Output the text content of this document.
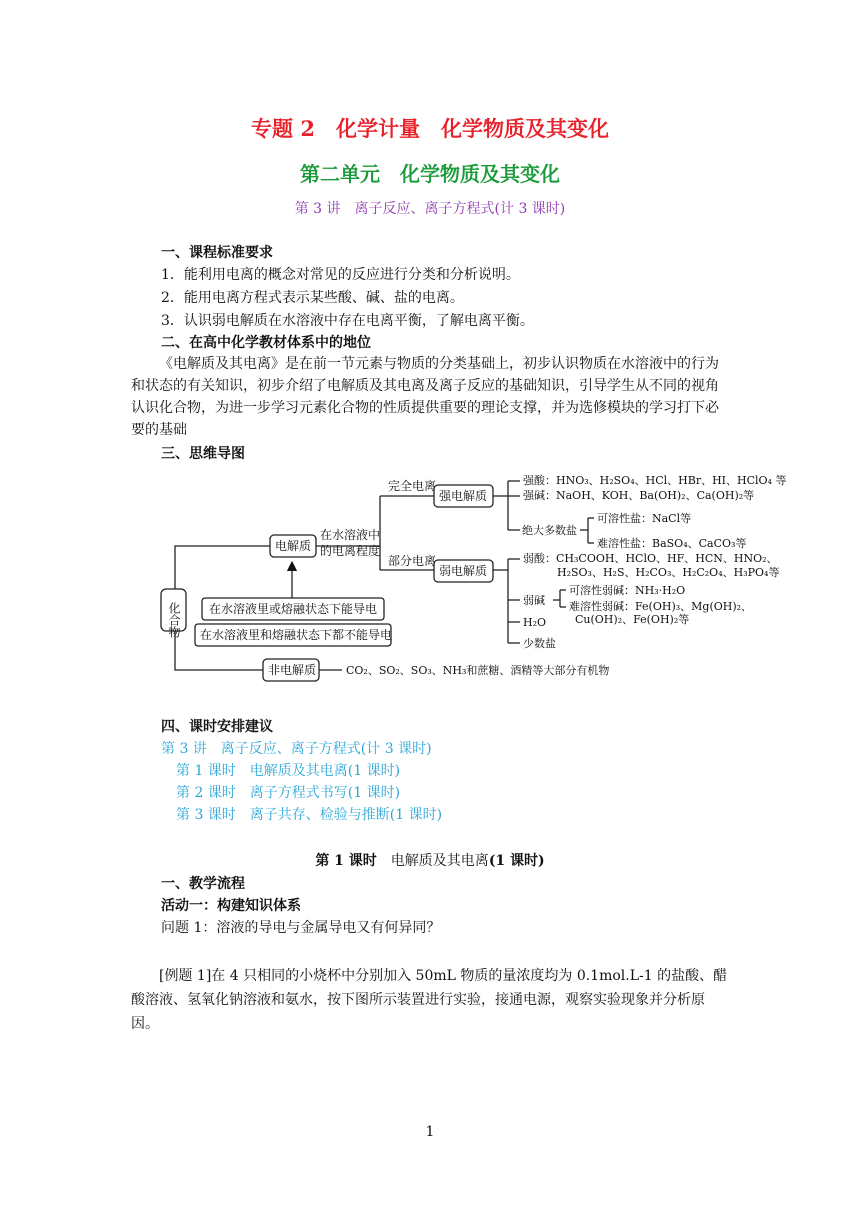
专题 2　化学计量　化学物质及其变化
第二单元　化学物质及其变化
第 3 讲　离子反应、离子方程式(计 3 课时)
一、课程标准要求
1．能利用电离的概念对常见的反应进行分类和分析说明。
2．能用电离方程式表示某些酸、碱、盐的电离。
3．认识弱电解质在水溶液中存在电离平衡，了解电离平衡。
二、在高中化学教材体系中的地位
《电解质及其电离》是在前一节元素与物质的分类基础上，初步认识物质在水溶液中的行为和状态的有关知识，初步介绍了电解质及其电离及离子反应的基础知识，引导学生从不同的视角认识化合物，为进一步学习元素化合物的性质提供重要的理论支撑，并为选修模块的学习打下必要的基础
三、思维导图
化合物
电解质
在水溶液里或熔融状态下能导电
在水溶液里和熔融状态下都不能导电
非电解质	CO₂、SO₂、SO₃、NH₃和蔗糖、酒精等大部分有机物
在水溶液中
的电离程度
完全电离
部分电离
强电解质
弱电解质
强酸：HNO₃、H₂SO₄、HCl、HBr、HI、HClO₄ 等
强碱：NaOH、KOH、Ba(OH)₂、Ca(OH)₂等
绝大多数盐
可溶性盐：NaCl等
难溶性盐：BaSO₄、CaCO₃等
弱酸：CH₃COOH、HClO、HF、HCN、HNO₂、
H₂SO₃、H₂S、H₂CO₃、H₂C₂O₄、H₃PO₄等
弱碱
可溶性弱碱：NH₃·H₂O
难溶性弱碱：Fe(OH)₃、Mg(OH)₂、
Cu(OH)₂、Fe(OH)₂等
H₂O
少数盐
四、课时安排建议
第 3 讲　离子反应、离子方程式(计 3 课时)
第 1 课时　电解质及其电离(1 课时)
第 2 课时　离子方程式书写(1 课时)
第 3 课时　离子共存、检验与推断(1 课时)
第 1 课时　电解质及其电离(1 课时)
一、教学流程
活动一：构建知识体系
问题 1：溶液的导电与金属导电又有何异同？
[例题 1]在 4 只相同的小烧杯中分别加入 50mL 物质的量浓度均为 0.1mol.L-1 的盐酸、醋酸溶液、氢氧化钠溶液和氨水，按下图所示装置进行实验，接通电源，观察实验现象并分析原因。
1
